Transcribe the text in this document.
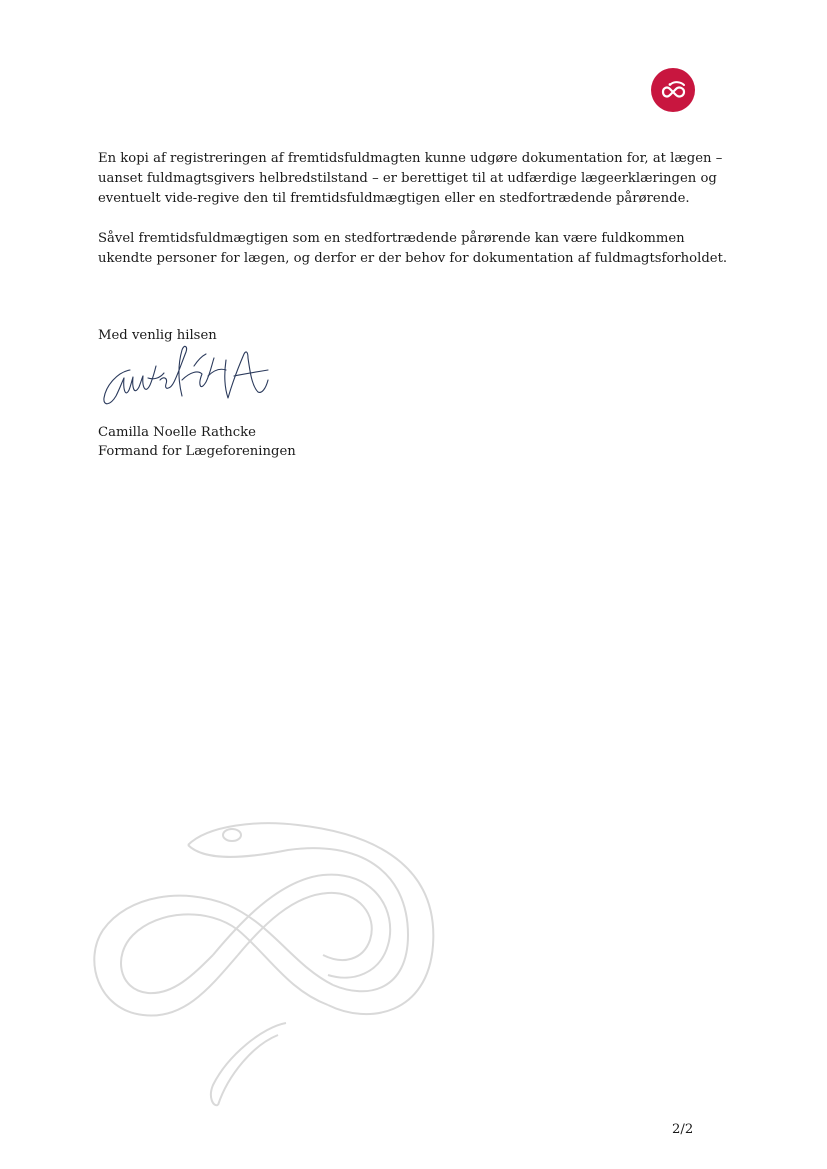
En kopi af registreringen af fremtidsfuldmagten kunne udgøre dokumentation for, at lægen – uanset fuldmagtsgivers helbredstilstand – er berettiget til at udfærdige lægeerklæringen og eventuelt vide-regive den til fremtidsfuldmægtigen eller en stedfortrædende pårørende.

Såvel fremtidsfuldmægtigen som en stedfortrædende pårørende kan være fuldkommen ukendte personer for lægen, og derfor er der behov for dokumentation af fuldmagtsforholdet.

Med venlig hilsen
Camilla Noelle Rathcke
Formand for Lægeforeningen
2/2
